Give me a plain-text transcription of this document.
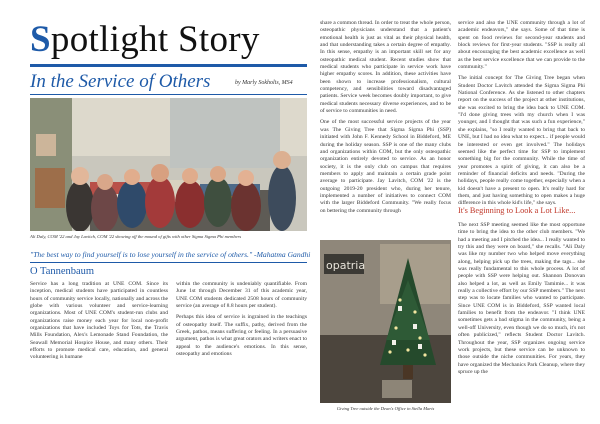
Spotlight Story
In the Service of Others	by Marly Sokholis, MS4
Ali Daly, COM '22 and Jay Lavitch, COM '22 showing off the mound of gifts with other Sigma Sigma Phi members
"The best way to find yourself is to lose yourself in the service of others." -Mahatma Gandhi
O Tannenbaum

Service has a long tradition at UNE COM. Since its inception, medical students have participated in countless hours of community service locally, nationally and across the globe with various volunteer and service-learning organizations. Most of UNE COM's student-run clubs and organizations raise money each year for local non-profit organizations that have included Toys for Tots, the Travis Mills Foundation, Alex's Lemonade Stand Foundation, the Seawall Memorial Hospice House, and many others. Their efforts to promote medical care, education, and general volunteering is humane

within the community is undeniably quantifiable. From June 1st through December 31 of this academic year, UNE COM students dedicated 2508 hours of community service (an average of 8.8 hours per student).

Perhaps this idea of service is ingrained in the teachings of osteopathy itself. The suffix, pathy, derived from the Greek, pathos, means suffering or feeling. In a persuasive argument, pathos is what great orators and writers enact to appeal to the audience's emotions. In this sense, osteopathy and emotions

share a common thread. In order to treat the whole person, osteopathic physicians understand that a patient's emotional health is just as vital as their physical health, and that understanding takes a certain degree of empathy. In this sense, empathy is an important skill set for any osteopathic medical student. Recent studies show that medical students who participate in service work have higher empathy scores. In addition, these activities have been shown to increase professionalism, cultural competency, and sensibilities toward disadvantaged patients. Service week becomes doubly important, to give medical students necessary diverse experiences, and to be of service to communities in need.

One of the most successful service projects of the year was The Giving Tree that Sigma Sigma Phi (SSP) initiated with John F. Kennedy School in Biddeford, ME during the holiday season. SSP is one of the many clubs and organizations within COM, but the only osteopathic organization entirely devoted to service. As an honor society, it is the only club on campus that requires members to apply and maintain a certain grade point average to participate. Jay Lavitch, COM '22 is the outgoing 2019-20 president who, during her tenure, implemented a number of initiatives to connect COM with the larger Biddeford Community. "We really focus on bettering the community through

service and also the UNE community through a lot of academic endeavors," she says. Some of that time is spent on food reviews for second-year students and block reviews for first-year students. "SSP is really all about encouraging the best academic excellence as well as the best service excellence that we can provide to the community."

The initial concept for The Giving Tree began when Student Doctor Lavitch attended the Sigma Sigma Phi National Conference. As she listened to other chapters report on the success of the project at other institutions, she was excited to bring the idea back to UNE COM. "I'd done giving trees with my church when I was younger, and I thought that was such a fun experience," she explains, "so I really wanted to bring that back to UNE, but I had no idea what to expect... if people would be interested or even get involved." The holidays seemed like the perfect time for SSP to implement something big for the community. While the time of year promotes a spirit of giving, it can also be a reminder of financial deficits and needs. "During the holidays, people really come together, especially when a kid doesn't have a present to open. It's really hard for them, and just having something to open makes a huge difference in this whole kid's life," she says.

It's Beginning to Look a Lot Like...

The next SSP meeting seemed like the most opportune time to bring the idea to the other club members. "We had a meeting and I pitched the idea... I really wanted to try this and they were on board," she recalls. "Ali Daly was like my number two who helped move everything along, helping pick up the trees, making the tags... she was really fundamental to this whole process. A lot of people with SSP were helping out. Shannon Donovan also helped a lot, as well as Emily Tamimie... it was really a collective effort by our SSP members." The next step was to locate families who wanted to participate. Since UNE COM is in Biddeford, SSP wanted local families to benefit from the endeavor. "I think UNE sometimes gets a bad stigma in the community, being a well-off University, even though we do so much, it's not often publicized," reflects Student Doctor Lavitch. Throughout the year, SSP organizes ongoing service work projects, but these service can be unknown to those outside the niche communities. For years, they have organized the Mechanics Park Cleanup, where they spruce up the

opatria
Giving Tree outside the Dean's Office in Stella Maris
